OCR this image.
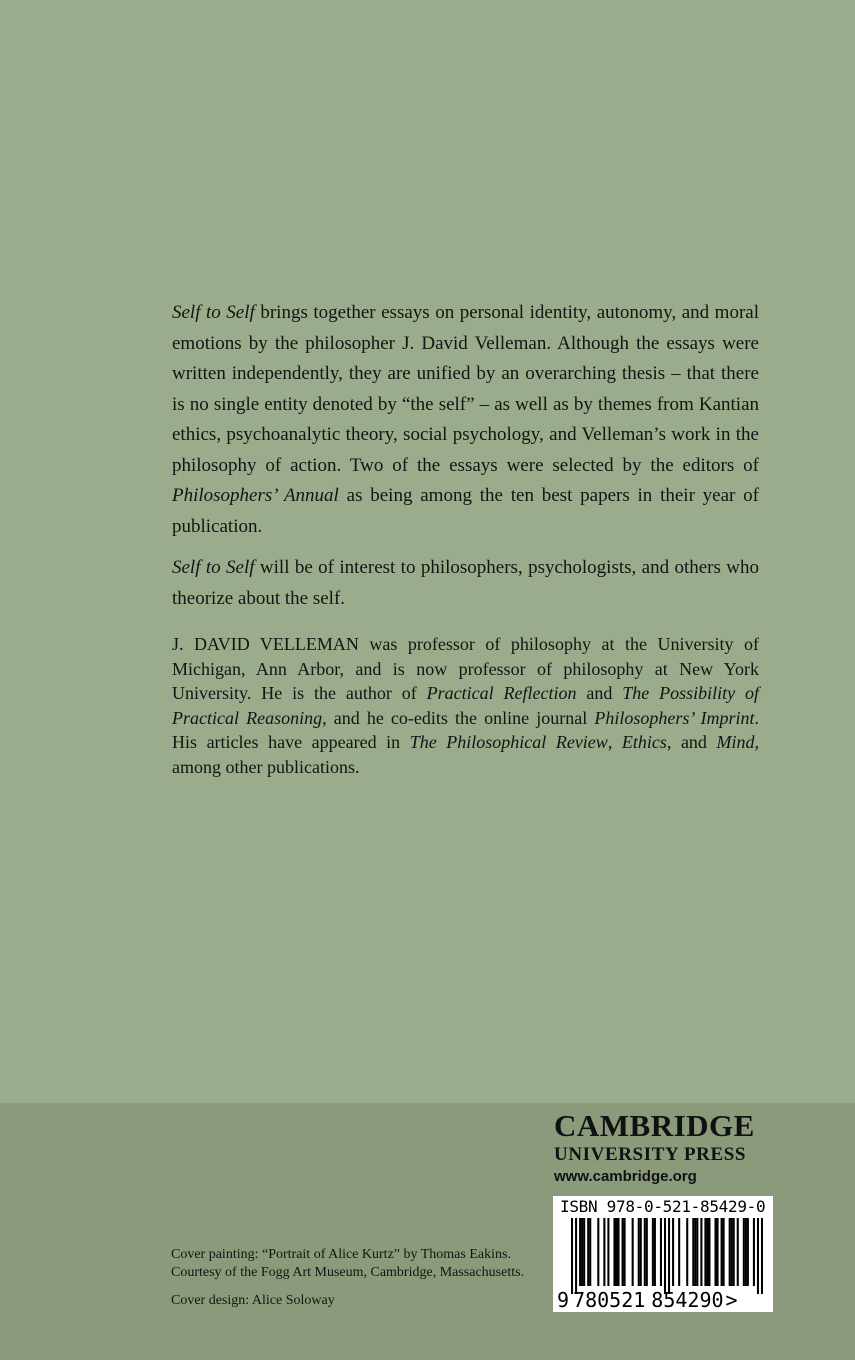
Self to Self brings together essays on personal identity, autonomy, and moral emotions by the philosopher J. David Velleman. Although the essays were written independently, they are unified by an overarching thesis – that there is no single entity denoted by “the self” – as well as by themes from Kantian ethics, psychoanalytic theory, social psychology, and Velleman’s work in the philosophy of action. Two of the essays were selected by the editors of Philosophers’ Annual as being among the ten best papers in their year of publication.

Self to Self will be of interest to philosophers, psychologists, and others who theorize about the self.

J. DAVID VELLEMAN was professor of philosophy at the University of Michigan, Ann Arbor, and is now professor of philosophy at New York University. He is the author of Practical Reflection and The Possibility of Practical Reasoning, and he co-edits the online journal Philosophers’ Imprint. His articles have appeared in The Philosophical Review, Ethics, and Mind, among other publications.

Cover painting: “Portrait of Alice Kurtz” by Thomas Eakins.

Courtesy of the Fogg Art Museum, Cambridge, Massachusetts.

Cover design: Alice Soloway

CAMBRIDGE
UNIVERSITY PRESS
www.cambridge.org
ISBN 978-0-521-85429-0
9 780521 854290 >
